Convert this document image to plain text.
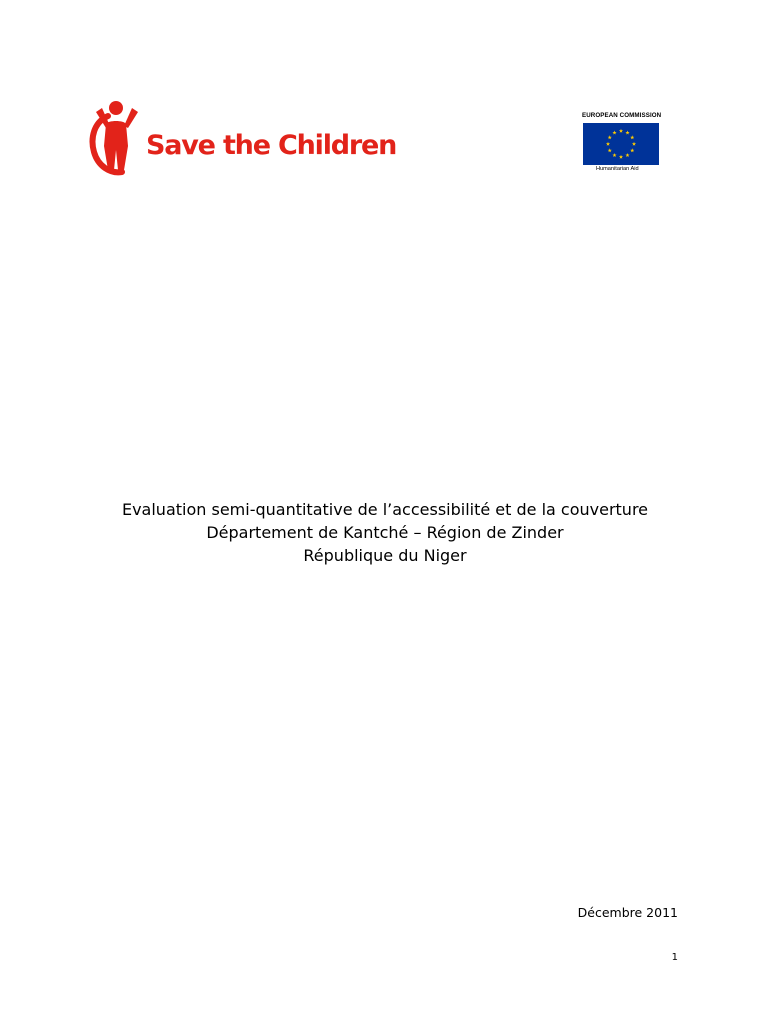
Save the Children
EUROPEAN COMMISSION
Humanitarian Aid
Evaluation semi-quantitative de l’accessibilité et de la couverture
Département de Kantché – Région de Zinder
République du Niger
Décembre 2011
1
